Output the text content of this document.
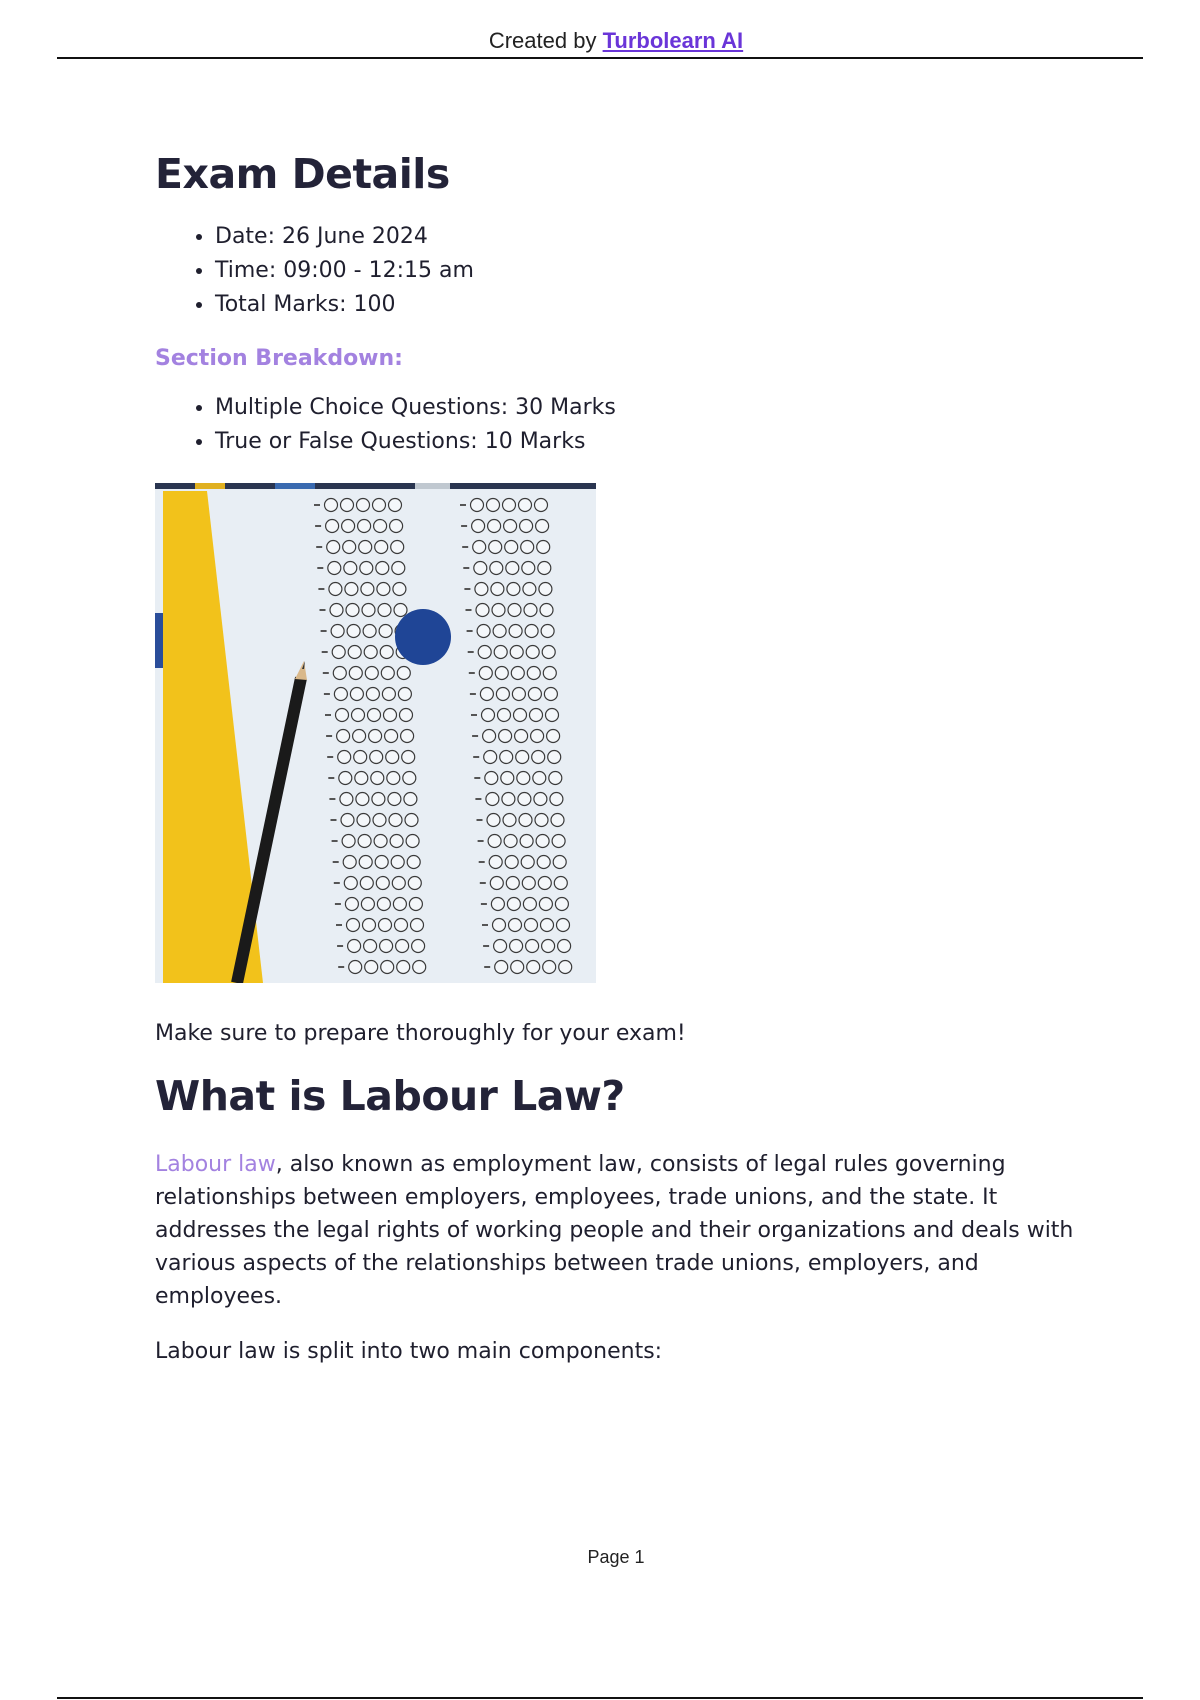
Created by Turbolearn AI
Exam Details
• Date: 26 June 2024
• Time: 09:00 - 12:15 am
• Total Marks: 100
Section Breakdown:
• Multiple Choice Questions: 30 Marks
• True or False Questions: 10 Marks

Make sure to prepare thoroughly for your exam!

What is Labour Law?

Labour law, also known as employment law, consists of legal rules governing relationships between employers, employees, trade unions, and the state. It addresses the legal rights of working people and their organizations and deals with various aspects of the relationships between trade unions, employers, and employees.

Labour law is split into two main components:

Page 1
